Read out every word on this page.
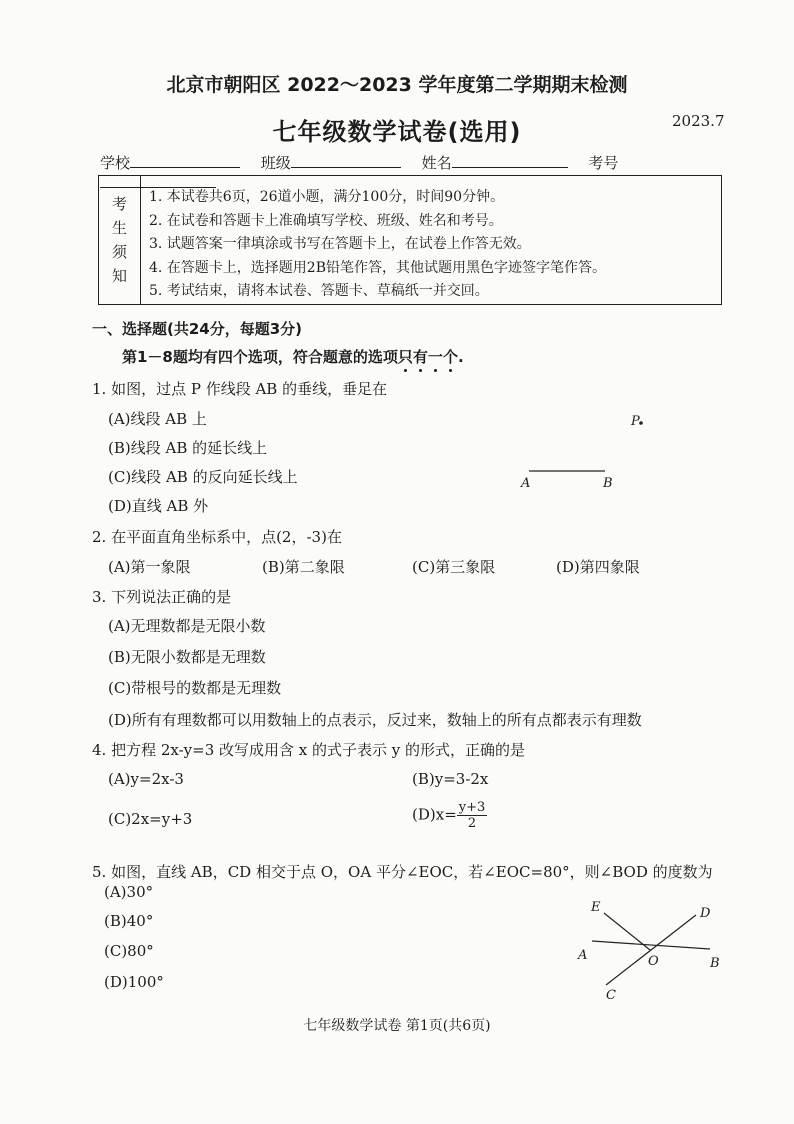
北京市朝阳区 2022～2023 学年度第二学期期末检测
七年级数学试卷(选用)	2023.7
学校	班级	姓名	考号
考
生
须
知
1. 本试卷共6页，26道小题，满分100分，时间90分钟。
2. 在试卷和答题卡上准确填写学校、班级、姓名和考号。
3. 试题答案一律填涂或书写在答题卡上，在试卷上作答无效。
4. 在答题卡上，选择题用2B铅笔作答，其他试题用黑色字迹签字笔作答。
5. 考试结束，请将本试卷、答题卡、草稿纸一并交回。
一、选择题(共24分，每题3分)
第1－8题均有四个选项，符合题意的选项只有一个.
1. 如图，过点 P 作线段 AB 的垂线，垂足在
(A)线段 AB 上
(B)线段 AB 的延长线上
(C)线段 AB 的反向延长线上
(D)直线 AB 外
P
A	B
2. 在平面直角坐标系中，点(2，-3)在
(A)第一象限	(B)第二象限	(C)第三象限	(D)第四象限
3. 下列说法正确的是
(A)无理数都是无限小数
(B)无限小数都是无理数
(C)带根号的数都是无理数
(D)所有有理数都可以用数轴上的点表示，反过来，数轴上的所有点都表示有理数
4. 把方程 2x-y=3 改写成用含 x 的式子表示 y 的形式，正确的是
(A)y=2x-3	(B)y=3-2x
(C)2x=y+3	$(D)x= \frac{y+3}{2}$
5. 如图，直线 AB，CD 相交于点 O，OA 平分∠EOC，若∠EOC=80°，则∠BOD 的度数为
(A)30°
(B)40°
(C)80°
(D)100°
E	D
A	O	B
C
七年级数学试卷 第1页(共6页)
